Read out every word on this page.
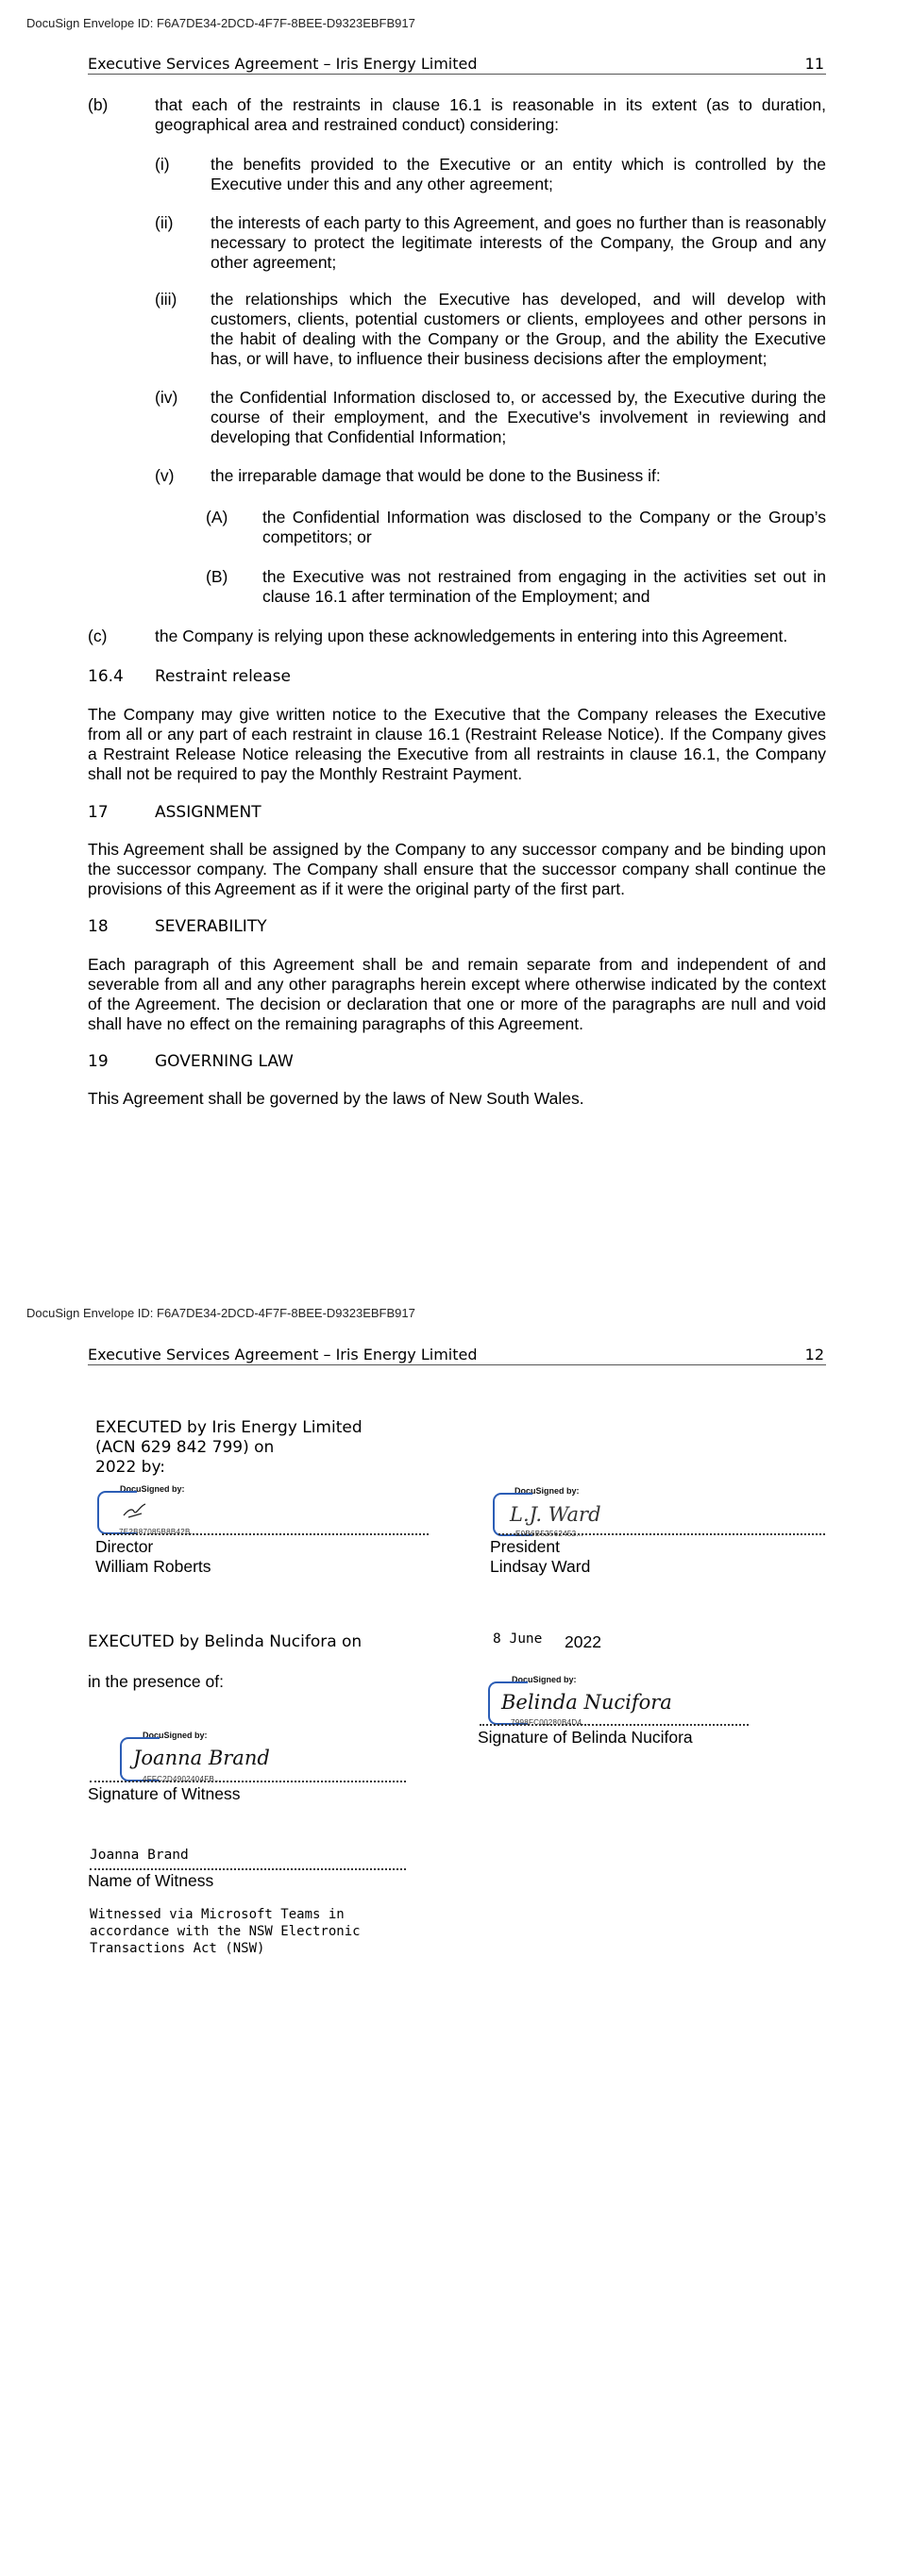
DocuSign Envelope ID: F6A7DE34-2DCD-4F7F-8BEE-D9323EBFB917
Executive Services Agreement – Iris Energy Limited	11
(b)	that each of the restraints in clause 16.1 is reasonable in its extent (as to duration, geographical area and restrained conduct) considering:
(i) the benefits provided to the Executive or an entity which is controlled by the Executive under this and any other agreement;
(ii) the interests of each party to this Agreement, and goes no further than is reasonably necessary to protect the legitimate interests of the Company, the Group and any other agreement;
(iii) the relationships which the Executive has developed, and will develop with customers, clients, potential customers or clients, employees and other persons in the habit of dealing with the Company or the Group, and the ability the Executive has, or will have, to influence their business decisions after the employment;
(iv) the Confidential Information disclosed to, or accessed by, the Executive during the course of their employment, and the Executive's involvement in reviewing and developing that Confidential Information;
(v) the irreparable damage that would be done to the Business if:
(A) the Confidential Information was disclosed to the Company or the Group’s competitors; or
(B) the Executive was not restrained from engaging in the activities set out in clause 16.1 after termination of the Employment; and
(c)	the Company is relying upon these acknowledgements in entering into this Agreement.
16.4 Restraint release
The Company may give written notice to the Executive that the Company releases the Executive from all or any part of each restraint in clause 16.1 (Restraint Release Notice). If the Company gives a Restraint Release Notice releasing the Executive from all restraints in clause 16.1, the Company shall not be required to pay the Monthly Restraint Payment.
17	ASSIGNMENT
This Agreement shall be assigned by the Company to any successor company and be binding upon the successor company. The Company shall ensure that the successor company shall continue the provisions of this Agreement as if it were the original party of the first part.
18	SEVERABILITY
Each paragraph of this Agreement shall be and remain separate from and independent of and severable from all and any other paragraphs herein except where otherwise indicated by the context of the Agreement. The decision or declaration that one or more of the paragraphs are null and void shall have no effect on the remaining paragraphs of this Agreement.
19	GOVERNING LAW
This Agreement shall be governed by the laws of New South Wales.
DocuSign Envelope ID: F6A7DE34-2DCD-4F7F-8BEE-D9323EBFB917
Executive Services Agreement – Iris Energy Limited	12
EXECUTED by Iris Energy Limited
(ACN 629 842 799) on
2022 by:
DocuSigned by:
7E2B87085B8B42B...
Director
William Roberts
DocuSigned by:
L.J. Ward
E0B6B52562452...
President
Lindsay Ward
EXECUTED by Belinda Nucifora on	8 June 2022
in the presence of:	DocuSigned by:
Belinda Nucifora
7998FC00280B4D4...
Signature of Belinda Nucifora
DocuSigned by:
Joanna Brand
4FFC2D4902404FB...
Signature of Witness
Joanna Brand
Name of Witness
Witnessed via Microsoft Teams in
accordance with the NSW Electronic
Transactions Act (NSW)
